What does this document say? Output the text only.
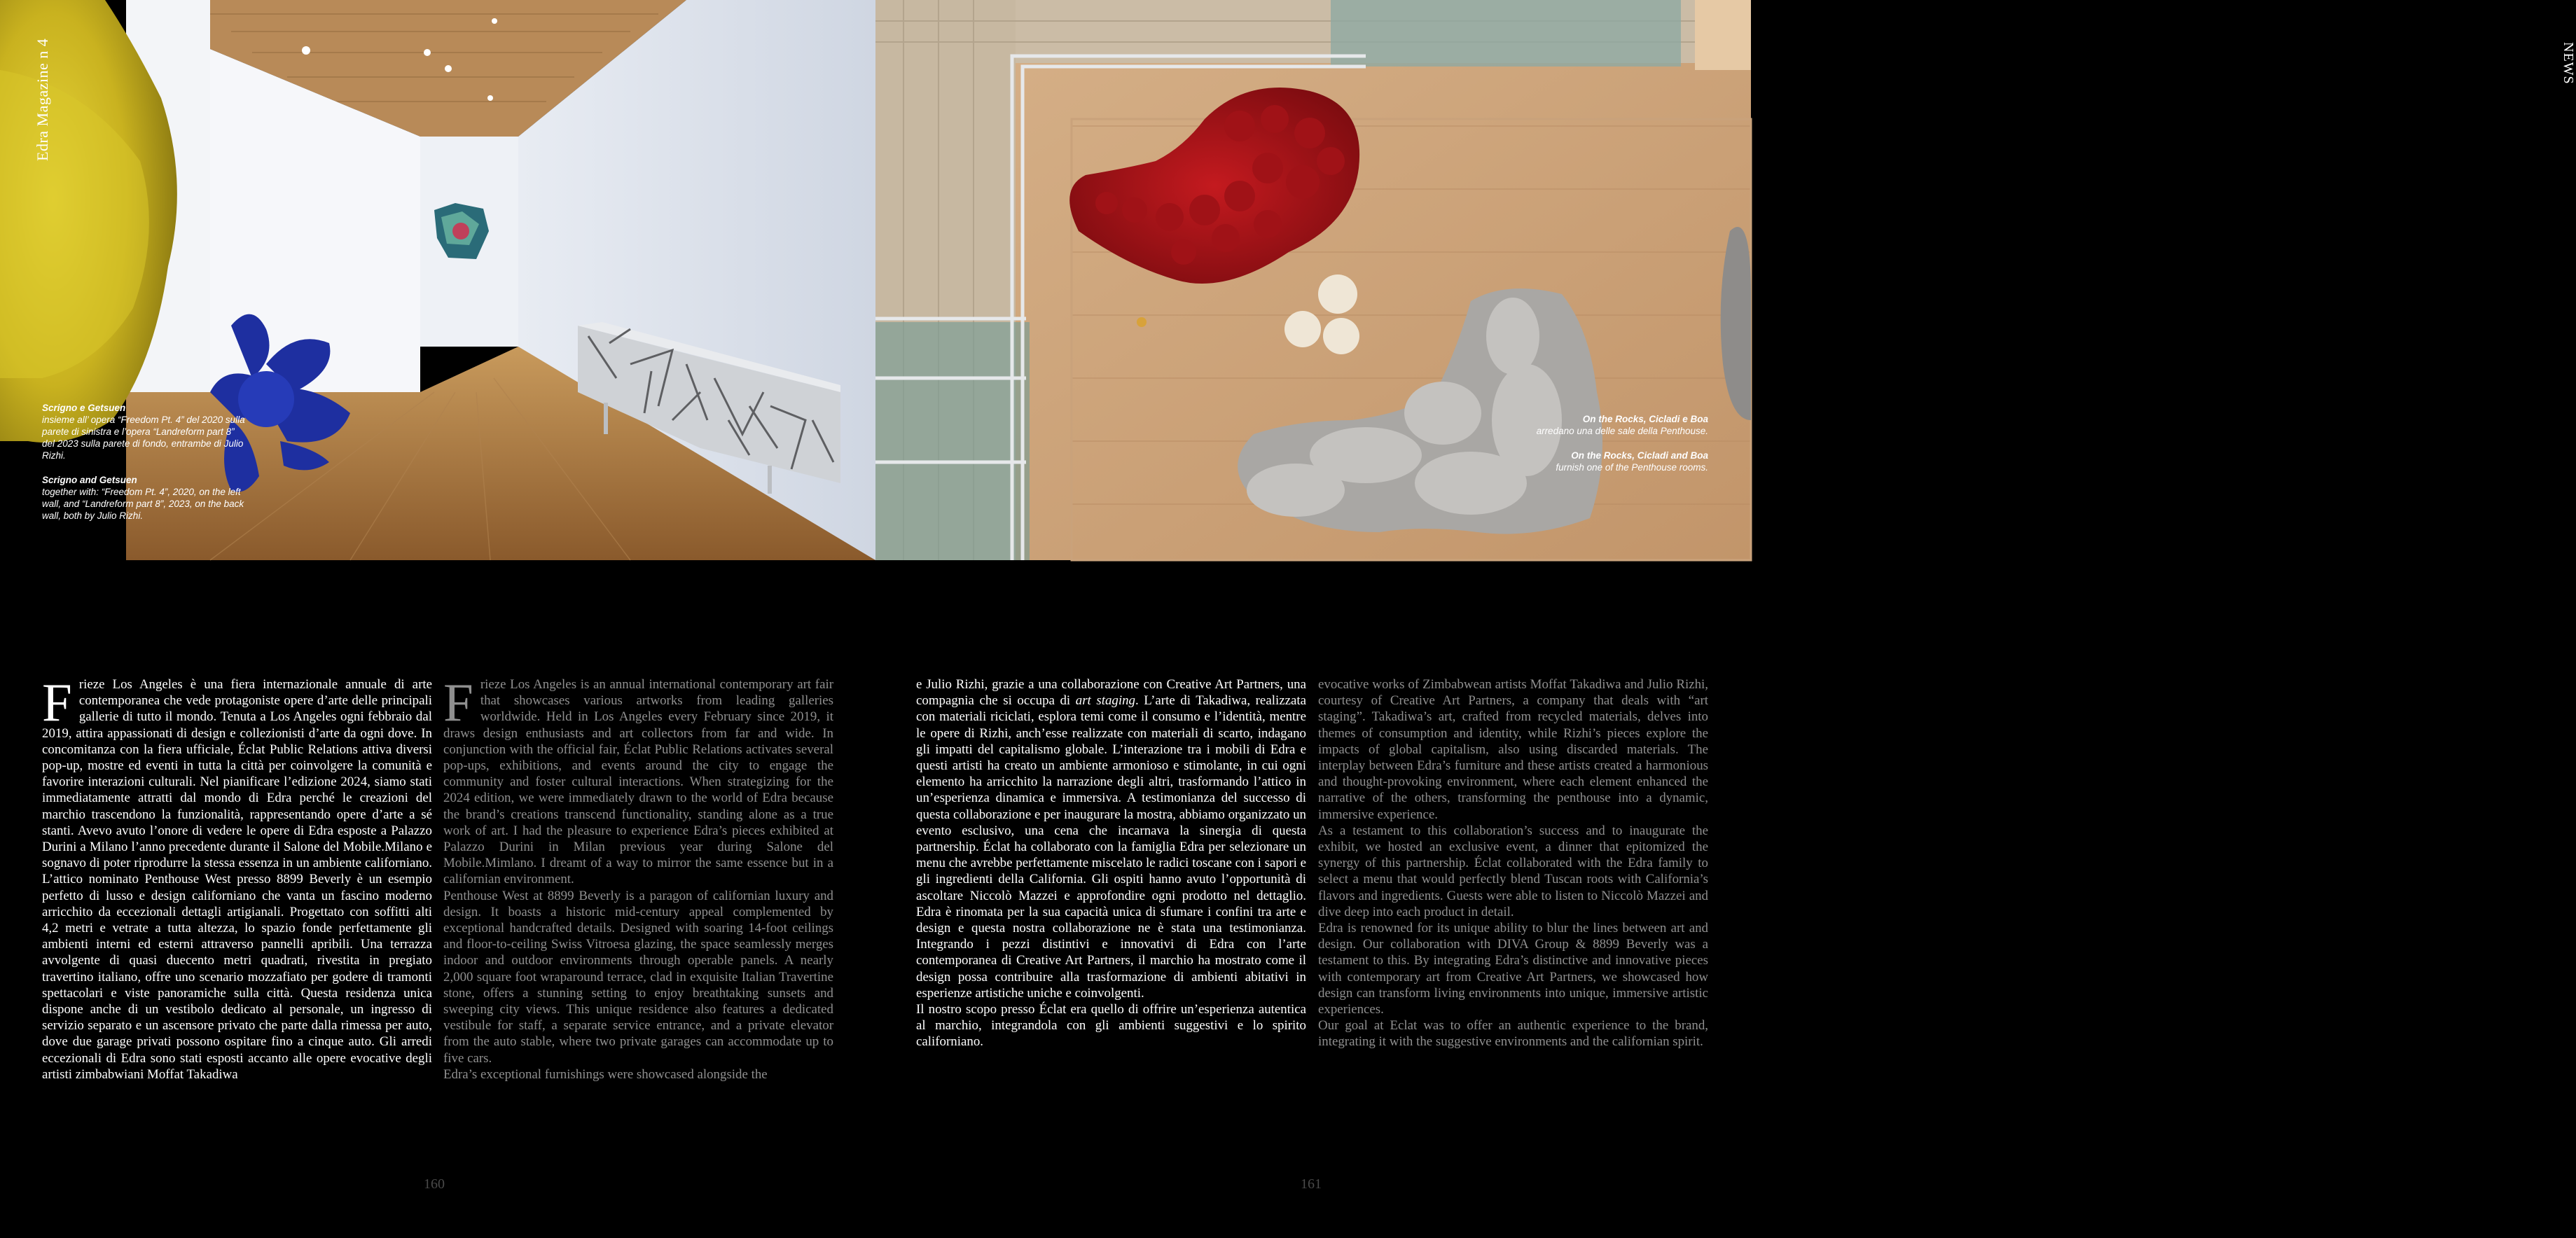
Edra Magazine n 4
Scrigno e Getsuen
insieme all’ opera “Freedom Pt. 4” del 2020 sulla parete di sinistra e l’opera “Landreform part 8” del 2023 sulla parete di fondo, entrambe di Julio Rizhi.
Scrigno and Getsuen
together with: “Freedom Pt. 4”, 2020, on the left wall, and “Landreform part 8”, 2023, on the back wall, both by Julio Rizhi.
NEWS
On the Rocks, Cicladi e Boa
arredano una delle sale della Penthouse.
On the Rocks, Cicladi and Boa
furnish one of the Penthouse rooms.

Frieze Los Angeles è una fiera internazionale annuale di arte contemporanea che vede protagoniste opere d’arte delle principali gallerie di tutto il mondo. Tenuta a Los Angeles ogni febbraio dal 2019, attira appassionati di design e collezionisti d’arte da ogni dove. In concomitanza con la fiera ufficiale, Éclat Public Relations attiva diversi pop-up, mostre ed eventi in tutta la città per coinvolgere la comunità e favorire interazioni culturali. Nel pianificare l’edizione 2024, siamo stati immediatamente attratti dal mondo di Edra perché le creazioni del marchio trascendono la funzionalità, rappresentando opere d’arte a sé stanti. Avevo avuto l’onore di vedere le opere di Edra esposte a Palazzo Durini a Milano l’anno precedente durante il Salone del Mobile.Milano e sognavo di poter riprodurre la stessa essenza in un ambiente californiano. L’attico nominato Penthouse West presso 8899 Beverly è un esempio perfetto di lusso e design californiano che vanta un fascino moderno arricchito da eccezionali dettagli artigianali. Progettato con soffitti alti 4,2 metri e vetrate a tutta altezza, lo spazio fonde perfettamente gli ambienti interni ed esterni attraverso pannelli apribili. Una terrazza avvolgente di quasi duecento metri quadrati, rivestita in pregiato travertino italiano, offre uno scenario mozzafiato per godere di tramonti spettacolari e viste panoramiche sulla città. Questa residenza unica dispone anche di un vestibolo dedicato al personale, un ingresso di servizio separato e un ascensore privato che parte dalla rimessa per auto, dove due garage privati possono ospitare fino a cinque auto. Gli arredi eccezionali di Edra sono stati esposti accanto alle opere evocative degli artisti zimbabwiani Moffat Takadiwa

Frieze Los Angeles is an annual international contemporary art fair that showcases various artworks from leading galleries worldwide. Held in Los Angeles every February since 2019, it draws design enthusiasts and art collectors from far and wide. In conjunction with the official fair, Éclat Public Relations activates several pop-ups, exhibitions, and events around the city to engage the community and foster cultural interactions. When strategizing for the 2024 edition, we were immediately drawn to the world of Edra because the brand’s creations transcend functionality, standing alone as a true work of art. I had the pleasure to experience Edra’s pieces exhibited at Palazzo Durini in Milan previous year during Salone del Mobile.Mimlano. I dreamt of a way to mirror the same essence but in a californian environment.

Penthouse West at 8899 Beverly is a paragon of californian luxury and design. It boasts a historic mid-century appeal complemented by exceptional handcrafted details. Designed with soaring 14-foot ceilings and floor-to-ceiling Swiss Vitroesa glazing, the space seamlessly merges indoor and outdoor environments through operable panels. A nearly 2,000 square foot wraparound terrace, clad in exquisite Italian Travertine stone, offers a stunning setting to enjoy breathtaking sunsets and sweeping city views. This unique residence also features a dedicated vestibule for staff, a separate service entrance, and a private elevator from the auto stable, where two private garages can accommodate up to five cars.

Edra’s exceptional furnishings were showcased alongside the

e Julio Rizhi, grazie a una collaborazione con Creative Art Partners, una compagnia che si occupa di art staging. L’arte di Takadiwa, realizzata con materiali riciclati, esplora temi come il consumo e l’identità, mentre le opere di Rizhi, anch’esse realizzate con materiali di scarto, indagano gli impatti del capitalismo globale. L’interazione tra i mobili di Edra e questi artisti ha creato un ambiente armonioso e stimolante, in cui ogni elemento ha arricchito la narrazione degli altri, trasformando l’attico in un’esperienza dinamica e immersiva. A testimonianza del successo di questa collaborazione e per inaugurare la mostra, abbiamo organizzato un evento esclusivo, una cena che incarnava la sinergia di questa partnership. Éclat ha collaborato con la famiglia Edra per selezionare un menu che avrebbe perfettamente miscelato le radici toscane con i sapori e gli ingredienti della California. Gli ospiti hanno avuto l’opportunità di ascoltare Niccolò Mazzei e approfondire ogni prodotto nel dettaglio. Edra è rinomata per la sua capacità unica di sfumare i confini tra arte e design e questa nostra collaborazione ne è stata una testimonianza. Integrando i pezzi distintivi e innovativi di Edra con l’arte contemporanea di Creative Art Partners, il marchio ha mostrato come il design possa contribuire alla trasformazione di ambienti abitativi in esperienze artistiche uniche e coinvolgenti.

Il nostro scopo presso Éclat era quello di offrire un’esperienza autentica al marchio, integrandola con gli ambienti suggestivi e lo spirito californiano.

evocative works of Zimbabwean artists Moffat Takadiwa and Julio Rizhi, courtesy of Creative Art Partners, a company that deals with “art staging”. Takadiwa’s art, crafted from recycled materials, delves into themes of consumption and identity, while Rizhi’s pieces explore the impacts of global capitalism, also using discarded materials. The interplay between Edra’s furniture and these artists created a harmonious and thought-provoking environment, where each element enhanced the narrative of the others, transforming the penthouse into a dynamic, immersive experience.

As a testament to this collaboration’s success and to inaugurate the exhibit, we hosted an exclusive event, a dinner that epitomized the synergy of this partnership. Éclat collaborated with the Edra family to select a menu that would perfectly blend Tuscan roots with California’s flavors and ingredients. Guests were able to listen to Niccolò Mazzei and dive deep into each product in detail.

Edra is renowned for its unique ability to blur the lines between art and design. Our collaboration with DIVA Group & 8899 Beverly was a testament to this. By integrating Edra’s distinctive and innovative pieces with contemporary art from Creative Art Partners, we showcased how design can transform living environments into unique, immersive artistic experiences.

Our goal at Eclat was to offer an authentic experience to the brand, integrating it with the suggestive environments and the californian spirit.

160	161
